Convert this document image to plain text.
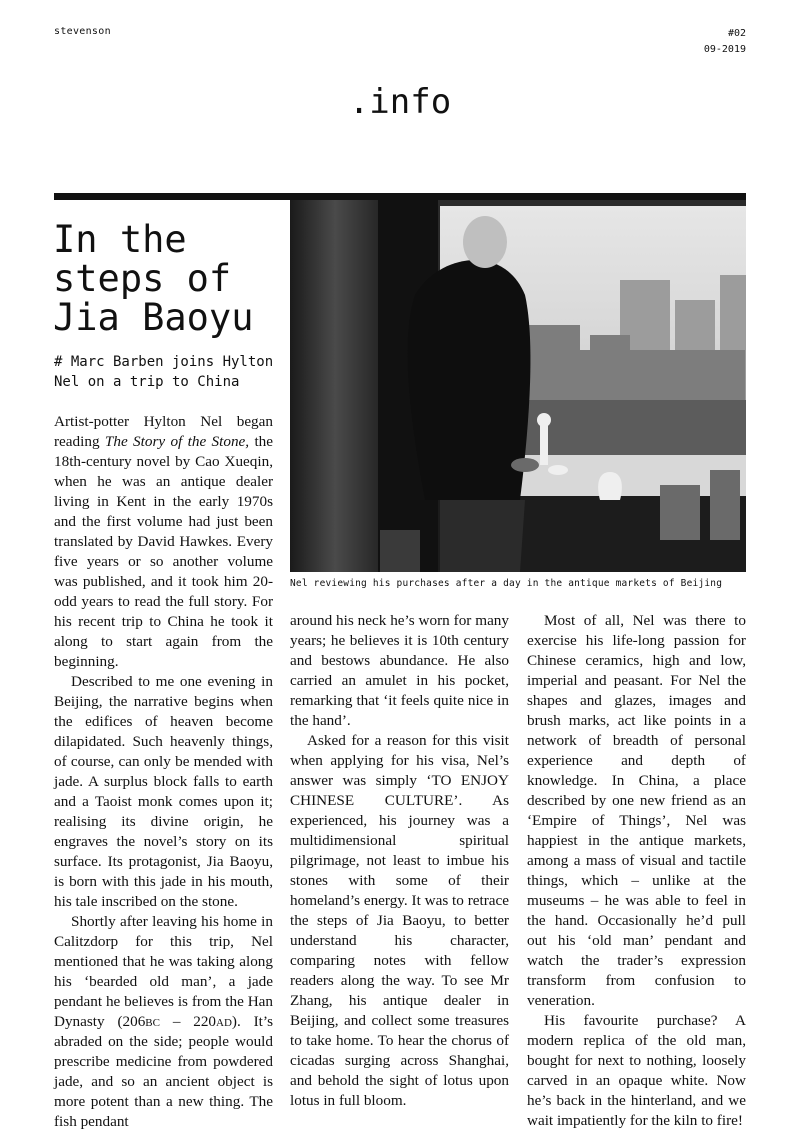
stevenson	#02
09-2019
.info
In the steps of Jia Baoyu
# Marc Barben joins Hylton Nel on a trip to China
Nel reviewing his purchases after a day in the antique markets of Beijing

Artist-potter Hylton Nel began reading The Story of the Stone, the 18th-century novel by Cao Xueqin, when he was an antique dealer living in Kent in the early 1970s and the first volume had just been translated by David Hawkes. Every five years or so another volume was published, and it took him 20-odd years to read the full story. For his recent trip to China he took it along to start again from the beginning.

Described to me one evening in Beijing, the narrative begins when the edifices of heaven become dilapidated. Such heavenly things, of course, can only be mended with jade. A surplus block falls to earth and a Taoist monk comes upon it; realising its divine origin, he engraves the novel’s story on its surface. Its protagonist, Jia Baoyu, is born with this jade in his mouth, his tale inscribed on the stone.

Shortly after leaving his home in Calitzdorp for this trip, Nel mentioned that he was taking along his ‘bearded old man’, a jade pendant he believes is from the Han Dynasty (206bc – 220ad). It’s abraded on the side; people would prescribe medicine from powdered jade, and so an ancient object is more potent than a new thing. The fish pendant

around his neck he’s worn for many years; he believes it is 10th century and bestows abundance. He also carried an amulet in his pocket, remarking that ‘it feels quite nice in the hand’.

Asked for a reason for this visit when applying for his visa, Nel’s answer was simply ‘TO ENJOY CHINESE CULTURE’. As experienced, his journey was a multidimensional spiritual pilgrimage, not least to imbue his stones with some of their homeland’s energy. It was to retrace the steps of Jia Baoyu, to better understand his character, comparing notes with fellow readers along the way. To see Mr Zhang, his antique dealer in Beijing, and collect some treasures to take home. To hear the chorus of cicadas surging across Shanghai, and behold the sight of lotus upon lotus in full bloom.

Most of all, Nel was there to exercise his life-long passion for Chinese ceramics, high and low, imperial and peasant. For Nel the shapes and glazes, images and brush marks, act like points in a network of breadth of personal experience and depth of knowledge. In China, a place described by one new friend as an ‘Empire of Things’, Nel was happiest in the antique markets, among a mass of visual and tactile things, which – unlike at the museums – he was able to feel in the hand. Occasionally he’d pull out his ‘old man’ pendant and watch the trader’s expression transform from confusion to veneration.

His favourite purchase? A modern replica of the old man, bought for next to nothing, loosely carved in an opaque white. Now he’s back in the hinterland, and we wait impatiently for the kiln to fire!
